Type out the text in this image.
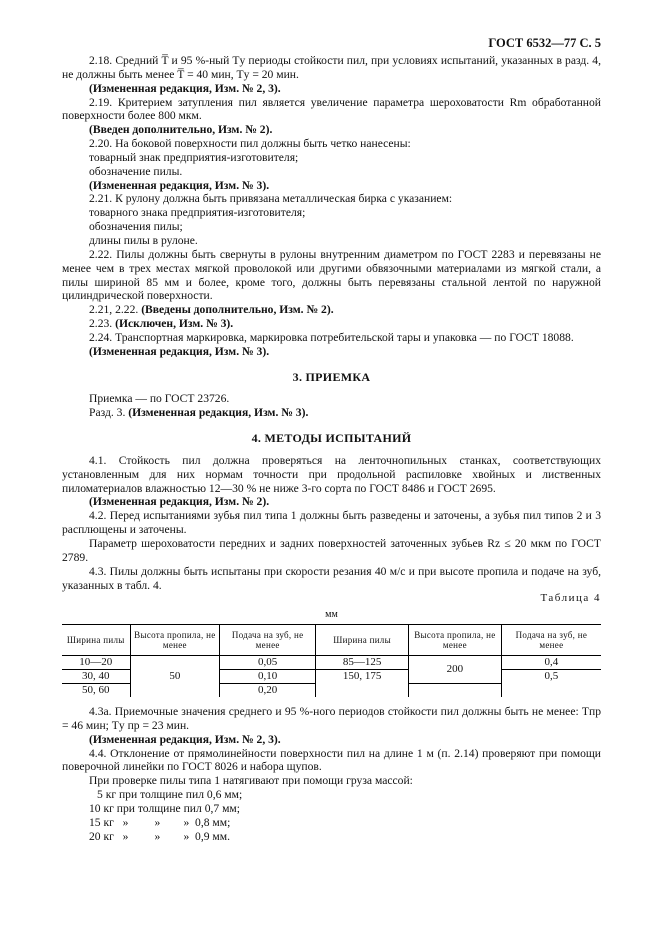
ГОСТ 6532—77 С. 5

2.18. Средний T̅ и 95 %-ный Tу периоды стойкости пил, при условиях испытаний, указанных в разд. 4, не должны быть менее T̅ = 40 мин, Tу = 20 мин.

(Измененная редакция, Изм. № 2, 3).

2.19. Критерием затупления пил является увеличение параметра шероховатости Rm обработанной поверхности более 800 мкм.

(Введен дополнительно, Изм. № 2).

2.20. На боковой поверхности пил должны быть четко нанесены:

товарный знак предприятия-изготовителя;

обозначение пилы.

(Измененная редакция, Изм. № 3).

2.21. К рулону должна быть привязана металлическая бирка с указанием:

товарного знака предприятия-изготовителя;

обозначения пилы;

длины пилы в рулоне.

2.22. Пилы должны быть свернуты в рулоны внутренним диаметром по ГОСТ 2283 и перевязаны не менее чем в трех местах мягкой проволокой или другими обвязочными материалами из мягкой стали, а пилы шириной 85 мм и более, кроме того, должны быть перевязаны стальной лентой по наружной цилиндрической поверхности.

2.21, 2.22. (Введены дополнительно, Изм. № 2).

2.23. (Исключен, Изм. № 3).

2.24. Транспортная маркировка, маркировка потребительской тары и упаковка — по ГОСТ 18088.

(Измененная редакция, Изм. № 3).

3. ПРИЕМКА

Приемка — по ГОСТ 23726.

Разд. 3. (Измененная редакция, Изм. № 3).

4. МЕТОДЫ ИСПЫТАНИЙ

4.1. Стойкость пил должна проверяться на ленточнопильных станках, соответствующих установленным для них нормам точности при продольной распиловке хвойных и лиственных пиломатериалов влажностью 12—30 % не ниже 3-го сорта по ГОСТ 8486 и ГОСТ 2695.

(Измененная редакция, Изм. № 2).

4.2. Перед испытаниями зубья пил типа 1 должны быть разведены и заточены, а зубья пил типов 2 и 3 расплющены и заточены.

Параметр шероховатости передних и задних поверхностей заточенных зубьев Rz ≤ 20 мкм по ГОСТ 2789.

4.3. Пилы должны быть испытаны при скорости резания 40 м/с и при высоте пропила и подаче на зуб, указанных в табл. 4.

Таблица 4

мм

Ширина пилы	Высота пропила, не менее	Подача на зуб, не менее	Ширина пилы	Высота пропила, не менее	Подача на зуб, не менее
10—20	50	0,05	85—125	200	0,4
30, 40		0,10	150, 175		0,5
50, 60		0,20			

4.3а. Приемочные значения среднего и 95 %-ного периодов стойкости пил должны быть не менее: Tпр = 46 мин; Tу пр = 23 мин.

(Измененная редакция, Изм. № 2, 3).

4.4. Отклонение от прямолинейности поверхности пил на длине 1 м (п. 2.14) проверяют при помощи поверочной линейки по ГОСТ 8026 и набора щупов.

При проверке пилы типа 1 натягивают при помощи груза массой:

5 кг при толщине пил 0,6 мм;

10 кг при толщине пил 0,7 мм;

15 кг   »         »        »  0,8 мм;

20 кг   »         »        »  0,9 мм.
